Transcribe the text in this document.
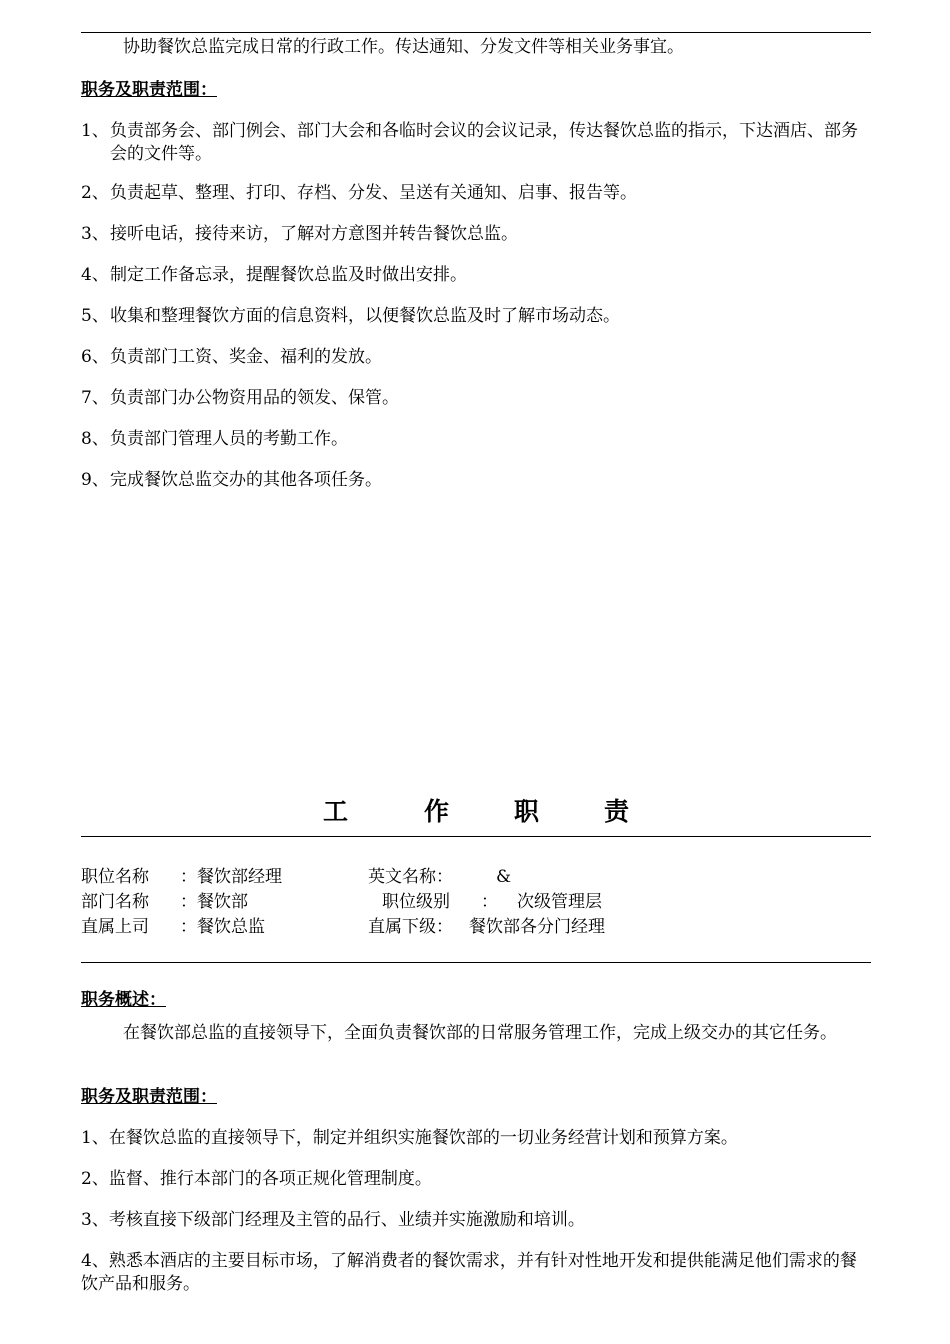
协助餐饮总监完成日常的行政工作。传达通知、分发文件等相关业务事宜。
职务及职责范围：
1、 负责部务会、部门例会、部门大会和各临时会议的会议记录，传达餐饮总监的指示，下达酒店、部务会的文件等。
2、 负责起草、整理、打印、存档、分发、呈送有关通知、启事、报告等。
3、 接听电话，接待来访，了解对方意图并转告餐饮总监。
4、 制定工作备忘录，提醒餐饮总监及时做出安排。
5、 收集和整理餐饮方面的信息资料，以便餐饮总监及时了解市场动态。
6、 负责部门工资、奖金、福利的发放。
7、 负责部门办公物资用品的领发、保管。
8、 负责部门管理人员的考勤工作。
9、 完成餐饮总监交办的其他各项任务。
工	作	职	责
职位名称 ：餐饮部经理	英文名称：	&
部门名称 ：餐饮部	职位级别 ： 次级管理层
直属上司 ：餐饮总监	直属下级： 餐饮部各分门经理
职务概述：
在餐饮部总监的直接领导下，全面负责餐饮部的日常服务管理工作，完成上级交办的其它任务。
职务及职责范围：
1、在餐饮总监的直接领导下，制定并组织实施餐饮部的一切业务经营计划和预算方案。
2、监督、推行本部门的各项正规化管理制度。
3、考核直接下级部门经理及主管的品行、业绩并实施激励和培训。
4、熟悉本酒店的主要目标市场，了解消费者的餐饮需求，并有针对性地开发和提供能满足他们需求的餐饮产品和服务。
